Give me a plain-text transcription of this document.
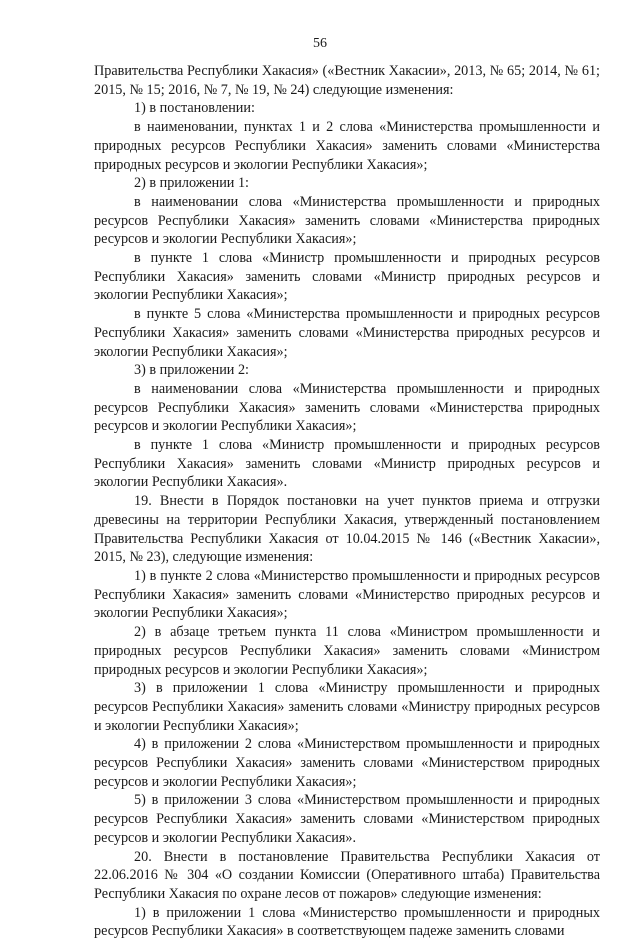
56

Правительства Республики Хакасия» («Вестник Хакасии», 2013, № 65; 2014, № 61; 2015, № 15; 2016, № 7, № 19, № 24) следующие изменения:

1) в постановлении:

в наименовании, пунктах 1 и 2 слова «Министерства промышленности и природных ресурсов Республики Хакасия» заменить словами «Министерства природных ресурсов и экологии Республики Хакасия»;

2) в приложении 1:

в наименовании слова «Министерства промышленности и природных ресурсов Республики Хакасия» заменить словами «Министерства природных ресурсов и экологии Республики Хакасия»;

в пункте 1 слова «Министр промышленности и природных ресурсов Республики Хакасия» заменить словами «Министр природных ресурсов и экологии Республики Хакасия»;

в пункте 5 слова «Министерства промышленности и природных ресурсов Республики Хакасия» заменить словами «Министерства природных ресурсов и экологии Республики Хакасия»;

3) в приложении 2:

в наименовании слова «Министерства промышленности и природных ресурсов Республики Хакасия» заменить словами «Министерства природных ресурсов и экологии Республики Хакасия»;

в пункте 1 слова «Министр промышленности и природных ресурсов Республики Хакасия» заменить словами «Министр природных ресурсов и экологии Республики Хакасия».

19. Внести в Порядок постановки на учет пунктов приема и отгрузки древесины на территории Республики Хакасия, утвержденный постановлением Правительства Республики Хакасия от 10.04.2015 № 146 («Вестник Хакасии», 2015, № 23), следующие изменения:

1) в пункте 2 слова «Министерство промышленности и природных ресурсов Республики Хакасия» заменить словами «Министерство природных ресурсов и экологии Республики Хакасия»;

2) в абзаце третьем пункта 11 слова «Министром промышленности и природных ресурсов Республики Хакасия» заменить словами «Министром природных ресурсов и экологии Республики Хакасия»;

3) в приложении 1 слова «Министру промышленности и природных ресурсов Республики Хакасия» заменить словами «Министру природных ресурсов и экологии Республики Хакасия»;

4) в приложении 2 слова «Министерством промышленности и природных ресурсов Республики Хакасия» заменить словами «Министерством природных ресурсов и экологии Республики Хакасия»;

5) в приложении 3 слова «Министерством промышленности и природных ресурсов Республики Хакасия» заменить словами «Министерством природных ресурсов и экологии Республики Хакасия».

20. Внести в постановление Правительства Республики Хакасия от 22.06.2016 № 304 «О создании Комиссии (Оперативного штаба) Правительства Республики Хакасия по охране лесов от пожаров» следующие изменения:

1) в приложении 1 слова «Министерство промышленности и природных ресурсов Республики Хакасия» в соответствующем падеже заменить словами
